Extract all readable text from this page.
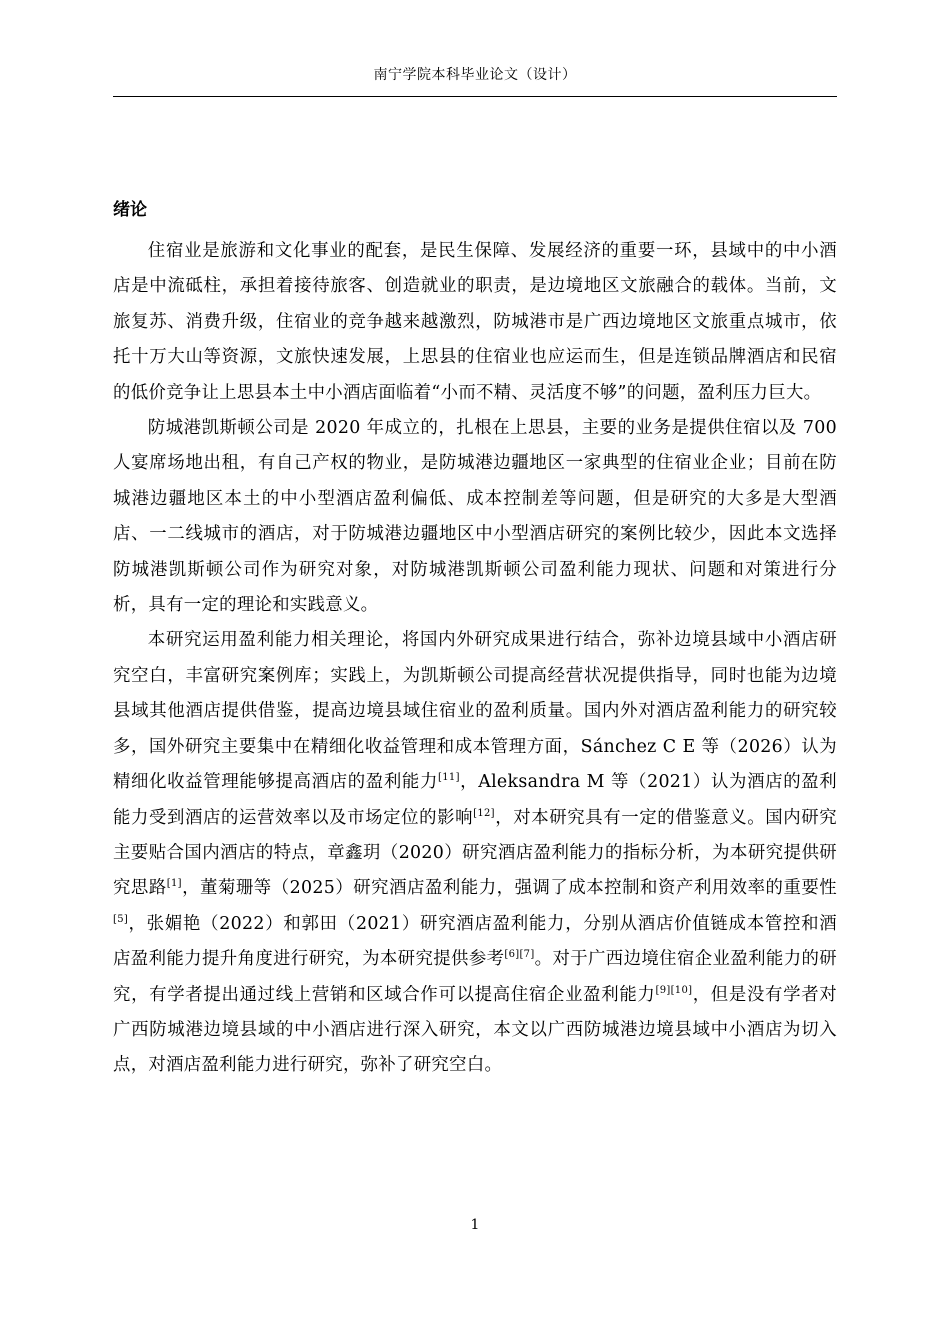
南宁学院本科毕业论文（设计）
绪论

住宿业是旅游和文化事业的配套，是民生保障、发展经济的重要一环，县域中的中小酒店是中流砥柱，承担着接待旅客、创造就业的职责，是边境地区文旅融合的载体。当前，文旅复苏、消费升级，住宿业的竞争越来越激烈，防城港市是广西边境地区文旅重点城市，依托十万大山等资源，文旅快速发展，上思县的住宿业也应运而生，但是连锁品牌酒店和民宿的低价竞争让上思县本土中小酒店面临着“小而不精、灵活度不够”的问题，盈利压力巨大。

防城港凯斯顿公司是 2020 年成立的，扎根在上思县，主要的业务是提供住宿以及 700 人宴席场地出租，有自己产权的物业，是防城港边疆地区一家典型的住宿业企业；目前在防城港边疆地区本土的中小型酒店盈利偏低、成本控制差等问题，但是研究的大多是大型酒店、一二线城市的酒店，对于防城港边疆地区中小型酒店研究的案例比较少，因此本文选择防城港凯斯顿公司作为研究对象，对防城港凯斯顿公司盈利能力现状、问题和对策进行分析，具有一定的理论和实践意义。

本研究运用盈利能力相关理论，将国内外研究成果进行结合，弥补边境县域中小酒店研究空白，丰富研究案例库；实践上，为凯斯顿公司提高经营状况提供指导，同时也能为边境县域其他酒店提供借鉴，提高边境县域住宿业的盈利质量。国内外对酒店盈利能力的研究较多，国外研究主要集中在精细化收益管理和成本管理方面，Sánchez C E 等（2026）认为精细化收益管理能够提高酒店的盈利能力[11]，Aleksandra M 等（2021）认为酒店的盈利能力受到酒店的运营效率以及市场定位的影响[12]，对本研究具有一定的借鉴意义。国内研究主要贴合国内酒店的特点，章鑫玥（2020）研究酒店盈利能力的指标分析，为本研究提供研究思路[1]，董菊珊等（2025）研究酒店盈利能力，强调了成本控制和资产利用效率的重要性[5]，张媚艳（2022）和郭田（2021）研究酒店盈利能力，分别从酒店价值链成本管控和酒店盈利能力提升角度进行研究，为本研究提供参考[6][7]。对于广西边境住宿企业盈利能力的研究，有学者提出通过线上营销和区域合作可以提高住宿企业盈利能力[9][10]，但是没有学者对广西防城港边境县域的中小酒店进行深入研究，本文以广西防城港边境县域中小酒店为切入点，对酒店盈利能力进行研究，弥补了研究空白。

1
